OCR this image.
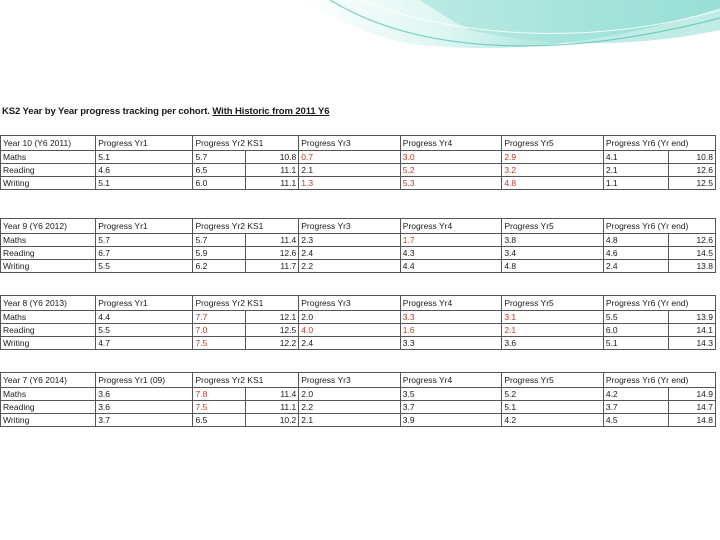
KS2 Year by Year progress tracking per cohort. With Historic from 2011 Y6
Year 10 (Y6 2011)	Progress Yr1	Progress Yr2 KS1		Progress Yr3	Progress Yr4	Progress Yr5	Progress Yr6 (Yr end)	
Maths	5.1	5.7	10.8	0.7	3.0	2.9	4.1	10.8
Reading	4.6	6.5	11.1	2.1	5.2	3.2	2.1	12.6
Writing	5.1	6.0	11.1	1.3	5.3	4.8	1.1	12.5
Year 9 (Y6 2012)	Progress Yr1	Progress Yr2 KS1		Progress Yr3	Progress Yr4	Progress Yr5	Progress Yr6 (Yr end)	
Maths	5.7	5.7	11.4	2.3	1.7	3.8	4.8	12.6
Reading	6.7	5.9	12.6	2.4	4.3	3.4	4.6	14.5
Writing	5.5	6.2	11.7	2.2	4.4	4.8	2.4	13.8
Year 8 (Y6 2013)	Progress Yr1	Progress Yr2 KS1		Progress Yr3	Progress Yr4	Progress Yr5	Progress Yr6 (Yr end)	
Maths	4.4	7.7	12.1	2.0	3.3	3.1	5.5	13.9
Reading	5.5	7.0	12.5	4.0	1.6	2.1	6.0	14.1
Writing	4.7	7.5	12.2	2.4	3.3	3.6	5.1	14.3
Year 7 (Y6 2014)	Progress Yr1 (09)	Progress Yr2 KS1		Progress Yr3	Progress Yr4	Progress Yr5	Progress Yr6 (Yr end)	
Maths	3.6	7.8	11.4	2.0	3.5	5.2	4.2	14.9
Reading	3.6	7.5	11.1	2.2	3.7	5.1	3.7	14.7
Writing	3.7	6.5	10.2	2.1	3.9	4.2	4.5	14.8
